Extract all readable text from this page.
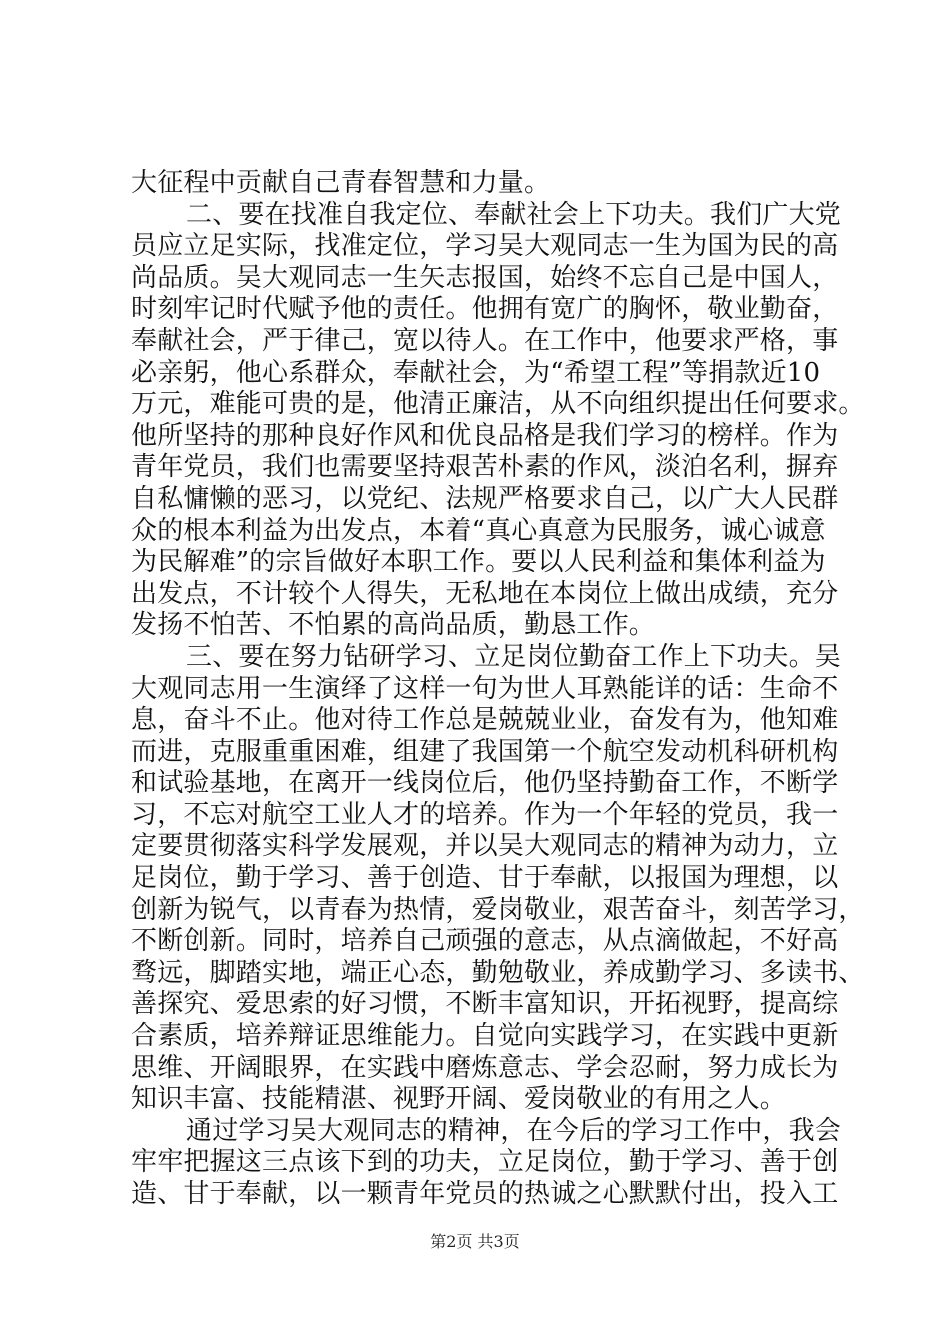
大征程中贡献自己青春智慧和力量。
二、要在找准自我定位、奉献社会上下功夫。我们广大党
员应立足实际，找准定位，学习吴大观同志一生为国为民的高
尚品质。吴大观同志一生矢志报国，始终不忘自己是中国人，
时刻牢记时代赋予他的责任。他拥有宽广的胸怀，敬业勤奋，
奉献社会，严于律己，宽以待人。在工作中，他要求严格，事
必亲躬，他心系群众，奉献社会，为“希望工程”等捐款近10
万元，难能可贵的是，他清正廉洁，从不向组织提出任何要求。
他所坚持的那种良好作风和优良品格是我们学习的榜样。作为
青年党员，我们也需要坚持艰苦朴素的作风，淡泊名利，摒弃
自私慵懒的恶习，以党纪、法规严格要求自己，以广大人民群
众的根本利益为出发点，本着“真心真意为民服务，诚心诚意
为民解难”的宗旨做好本职工作。要以人民利益和集体利益为
出发点，不计较个人得失，无私地在本岗位上做出成绩，充分
发扬不怕苦、不怕累的高尚品质，勤恳工作。
三、要在努力钻研学习、立足岗位勤奋工作上下功夫。吴
大观同志用一生演绎了这样一句为世人耳熟能详的话：生命不
息，奋斗不止。他对待工作总是兢兢业业，奋发有为，他知难
而进，克服重重困难，组建了我国第一个航空发动机科研机构
和试验基地，在离开一线岗位后，他仍坚持勤奋工作，不断学
习，不忘对航空工业人才的培养。作为一个年轻的党员，我一
定要贯彻落实科学发展观，并以吴大观同志的精神为动力，立
足岗位，勤于学习、善于创造、甘于奉献，以报国为理想，以
创新为锐气，以青春为热情，爱岗敬业，艰苦奋斗，刻苦学习，
不断创新。同时，培养自己顽强的意志，从点滴做起，不好高
骛远，脚踏实地，端正心态，勤勉敬业，养成勤学习、多读书、
善探究、爱思索的好习惯，不断丰富知识，开拓视野，提高综
合素质，培养辩证思维能力。自觉向实践学习，在实践中更新
思维、开阔眼界，在实践中磨炼意志、学会忍耐，努力成长为
知识丰富、技能精湛、视野开阔、爱岗敬业的有用之人。
通过学习吴大观同志的精神，在今后的学习工作中，我会
牢牢把握这三点该下到的功夫，立足岗位，勤于学习、善于创
造、甘于奉献，以一颗青年党员的热诚之心默默付出，投入工
第2页 共3页
